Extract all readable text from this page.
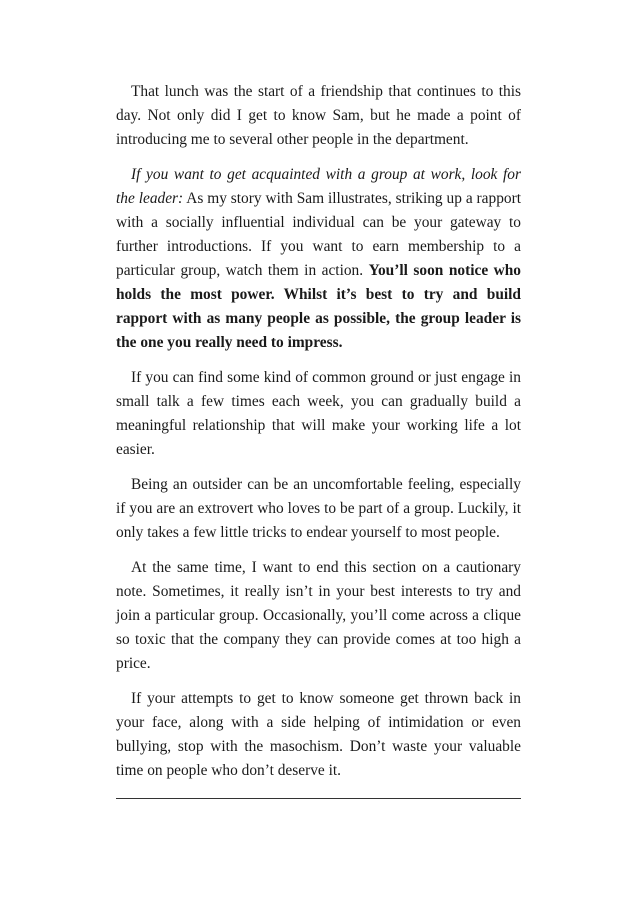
That lunch was the start of a friendship that continues to this day. Not only did I get to know Sam, but he made a point of introducing me to several other people in the department.

If you want to get acquainted with a group at work, look for the leader: As my story with Sam illustrates, striking up a rapport with a socially influential individual can be your gateway to further introductions. If you want to earn membership to a particular group, watch them in action. You’ll soon notice who holds the most power. Whilst it’s best to try and build rapport with as many people as possible, the group leader is the one you really need to impress.

If you can find some kind of common ground or just engage in small talk a few times each week, you can gradually build a meaningful relationship that will make your working life a lot easier.

Being an outsider can be an uncomfortable feeling, especially if you are an extrovert who loves to be part of a group. Luckily, it only takes a few little tricks to endear yourself to most people.

At the same time, I want to end this section on a cautionary note. Sometimes, it really isn’t in your best interests to try and join a particular group. Occasionally, you’ll come across a clique so toxic that the company they can provide comes at too high a price.

If your attempts to get to know someone get thrown back in your face, along with a side helping of intimidation or even bullying, stop with the masochism. Don’t waste your valuable time on people who don’t deserve it.
